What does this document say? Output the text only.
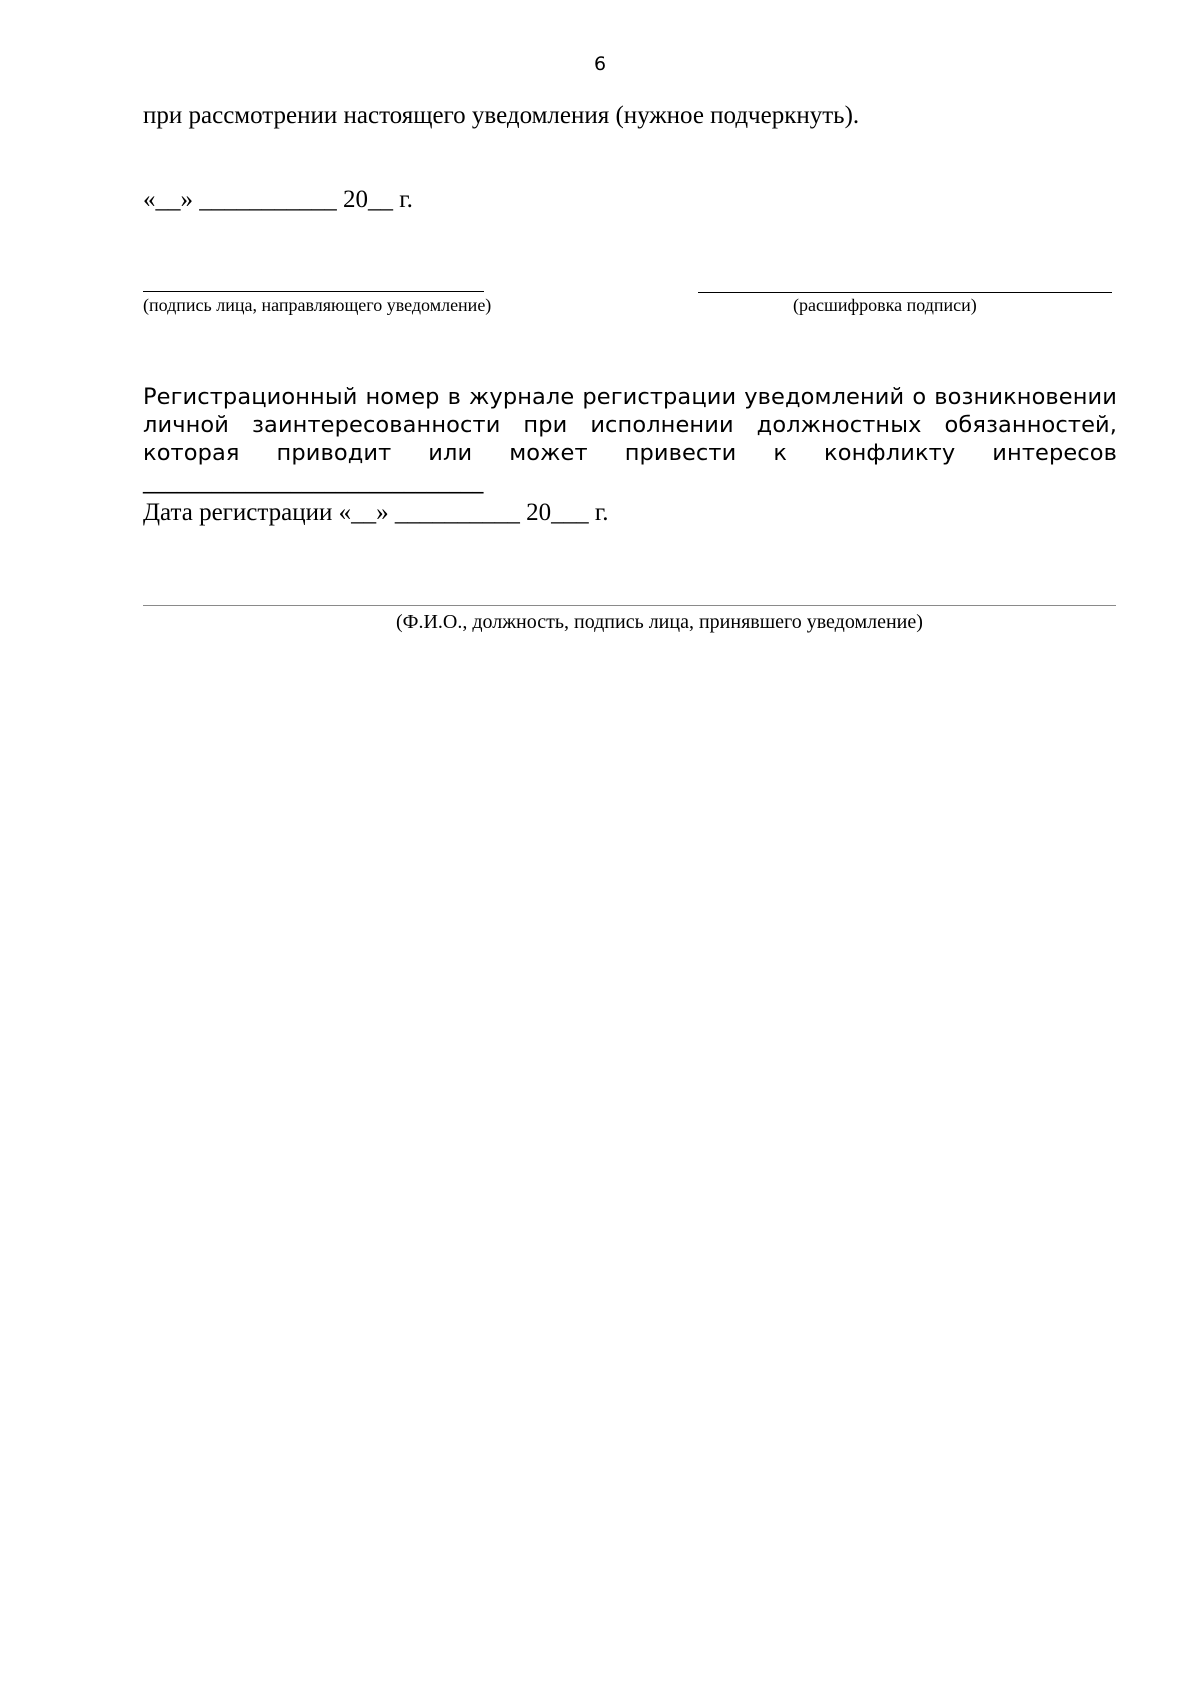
6
при рассмотрении настоящего уведомления (нужное подчеркнуть).
«__» ___________ 20__ г.
(подпись лица, направляющего уведомление)	(расшифровка подписи)
Регистрационный номер в журнале регистрации уведомлений о возникновении личной заинтересованности при исполнении должностных обязанностей, которая приводит или может привести к конфликту интересов ______________________________
Дата регистрации «__» __________ 20___ г.
(Ф.И.О., должность, подпись лица, принявшего уведомление)
